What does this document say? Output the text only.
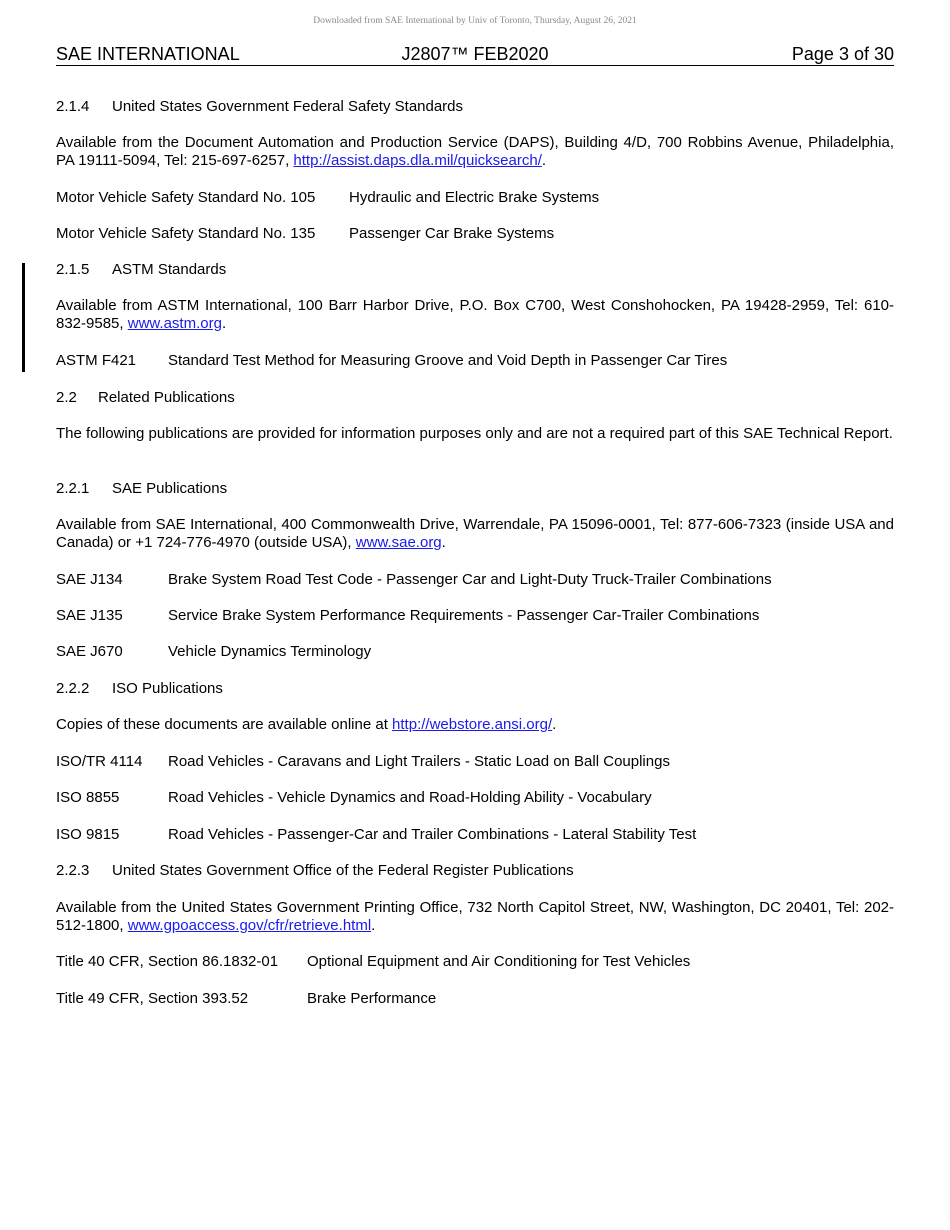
Downloaded from SAE International by Univ of Toronto, Thursday, August 26, 2021
SAE INTERNATIONAL	J2807™ FEB2020	Page 3 of 30
2.1.4 United States Government Federal Safety Standards
Available from the Document Automation and Production Service (DAPS), Building 4/D, 700 Robbins Avenue, Philadelphia, PA 19111-5094, Tel: 215-697-6257, http://assist.daps.dla.mil/quicksearch/.
Motor Vehicle Safety Standard No. 105 Hydraulic and Electric Brake Systems
Motor Vehicle Safety Standard No. 135 Passenger Car Brake Systems
2.1.5 ASTM Standards
Available from ASTM International, 100 Barr Harbor Drive, P.O. Box C700, West Conshohocken, PA 19428-2959, Tel: 610-832-9585, www.astm.org.
ASTM F421 Standard Test Method for Measuring Groove and Void Depth in Passenger Car Tires
2.2 Related Publications
The following publications are provided for information purposes only and are not a required part of this SAE Technical Report.
2.2.1 SAE Publications
Available from SAE International, 400 Commonwealth Drive, Warrendale, PA 15096-0001, Tel: 877-606-7323 (inside USA and Canada) or +1 724-776-4970 (outside USA), www.sae.org.
SAE J134	Brake System Road Test Code - Passenger Car and Light-Duty Truck-Trailer Combinations
SAE J135	Service Brake System Performance Requirements - Passenger Car-Trailer Combinations
SAE J670	Vehicle Dynamics Terminology
2.2.2 ISO Publications
Copies of these documents are available online at http://webstore.ansi.org/.
ISO/TR 4114 Road Vehicles - Caravans and Light Trailers - Static Load on Ball Couplings
ISO 8855	Road Vehicles - Vehicle Dynamics and Road-Holding Ability - Vocabulary
ISO 9815	Road Vehicles - Passenger-Car and Trailer Combinations - Lateral Stability Test
2.2.3 United States Government Office of the Federal Register Publications
Available from the United States Government Printing Office, 732 North Capitol Street, NW, Washington, DC 20401, Tel: 202-512-1800, www.gpoaccess.gov/cfr/retrieve.html.
Title 40 CFR, Section 86.1832-01 Optional Equipment and Air Conditioning for Test Vehicles
Title 49 CFR, Section 393.52	Brake Performance
